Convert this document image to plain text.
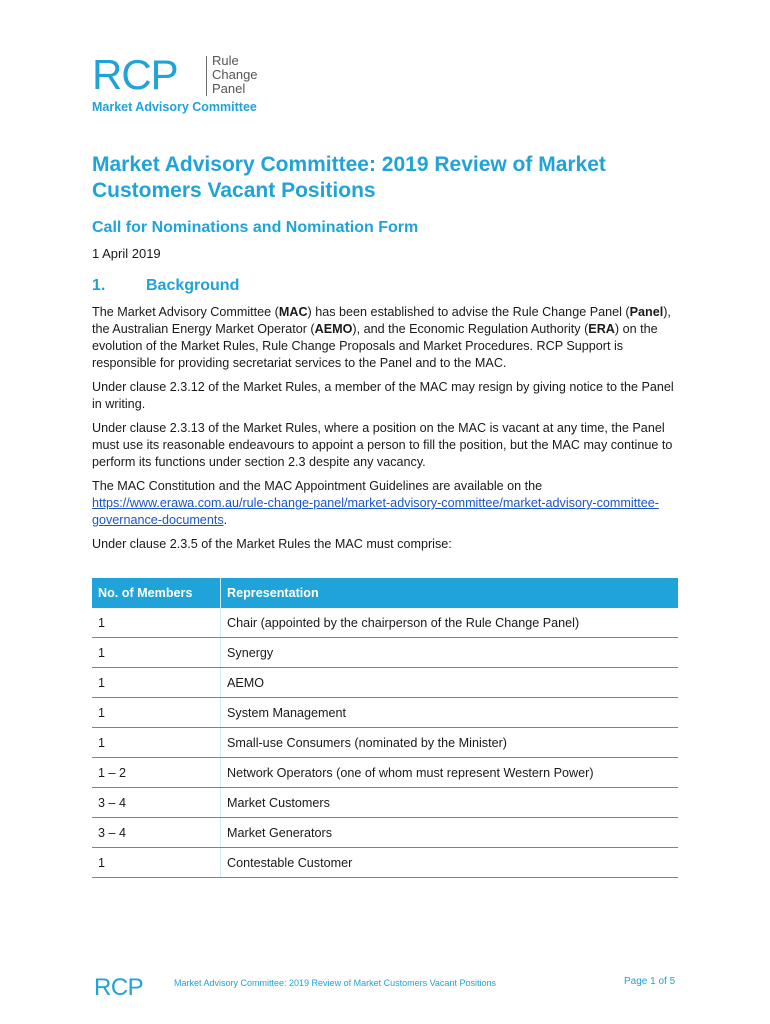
RCP	Rule
Change
Panel
Market Advisory Committee
Market Advisory Committee: 2019 Review of Market Customers Vacant Positions
Call for Nominations and Nomination Form
1 April 2019
1.	Background

The Market Advisory Committee (MAC) has been established to advise the Rule Change Panel (Panel), the Australian Energy Market Operator (AEMO), and the Economic Regulation Authority (ERA) on the evolution of the Market Rules, Rule Change Proposals and Market Procedures. RCP Support is responsible for providing secretariat services to the Panel and to the MAC.

Under clause 2.3.12 of the Market Rules, a member of the MAC may resign by giving notice to the Panel in writing.

Under clause 2.3.13 of the Market Rules, where a position on the MAC is vacant at any time, the Panel must use its reasonable endeavours to appoint a person to fill the position, but the MAC may continue to perform its functions under section 2.3 despite any vacancy.

The MAC Constitution and the MAC Appointment Guidelines are available on the https://www.erawa.com.au/rule-change-panel/market-advisory-committee/market-advisory-committee-governance-documents.

Under clause 2.3.5 of the Market Rules the MAC must comprise:

No. of Members	Representation
1	Chair (appointed by the chairperson of the Rule Change Panel)
1	Synergy
1	AEMO
1	System Management
1	Small-use Consumers (nominated by the Minister)
1 – 2	Network Operators (one of whom must represent Western Power)
3 – 4	Market Customers
3 – 4	Market Generators
1	Contestable Customer
RCP	Market Advisory Committee: 2019 Review of Market Customers Vacant Positions	Page 1 of 5
